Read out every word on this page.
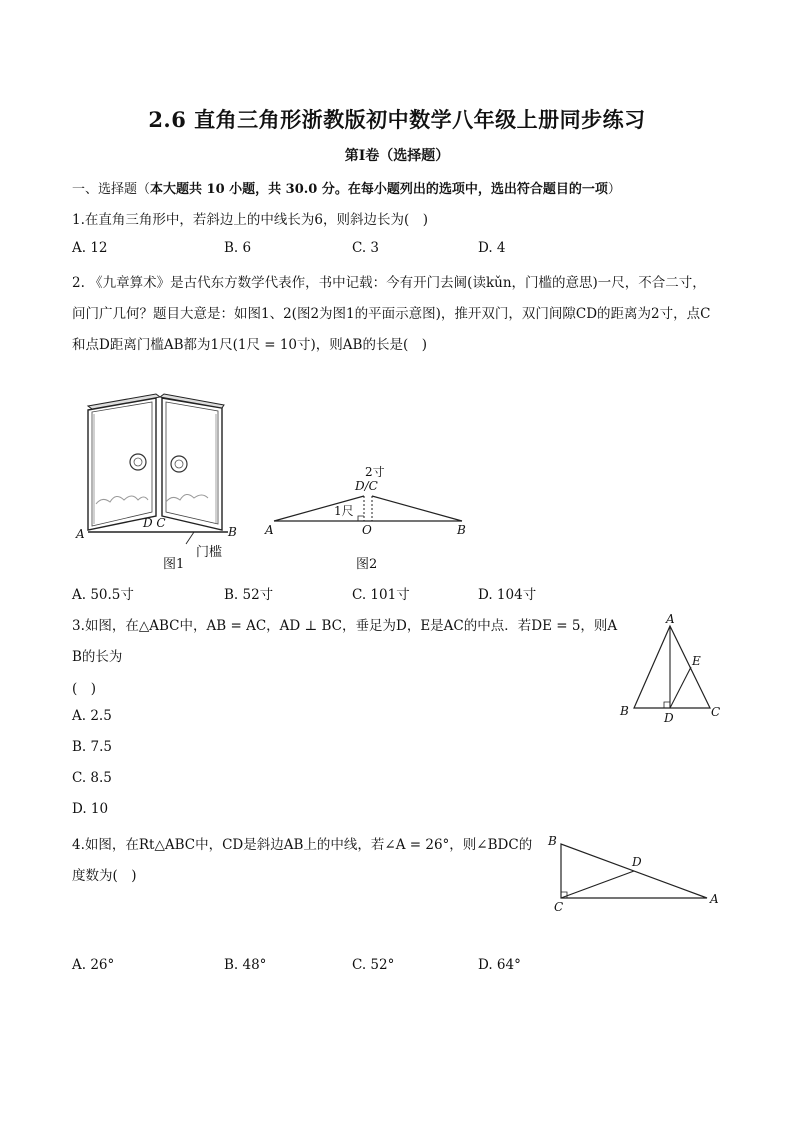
2.6 直角三角形浙教版初中数学八年级上册同步练习
第I卷（选择题）
一、选择题（本大题共 10 小题，共 30.0 分。在每小题列出的选项中，选出符合题目的一项）
1.在直角三角形中，若斜边上的中线长为6，则斜边长为(　)
A. 12	B. 6	C. 3	D. 4
2. 《九章算术》是古代东方数学代表作，书中记载：今有开门去阃(读kǔn，门槛的意思)一尺，不合二寸，
问门广几何？题目大意是：如图1、2(图2为图1的平面示意图)，推开双门，双门间隙CD的距离为2寸，点C
和点D距离门槛AB都为1尺(1尺 = 10寸)，则AB的长是(　)
A	B
D C
门槛
图1
2寸
D/C
1尺
A	O	B
图2
A. 50.5寸	B. 52寸	C. 101寸	D. 104寸
3.如图，在△ABC中，AB = AC，AD ⊥ BC，垂足为D，E是AC的中点．若DE = 5，则A
B的长为
(　)
A. 2.5
B. 7.5
C. 8.5
D. 10
A
E
B	D	C
4.如图，在Rt△ABC中，CD是斜边AB上的中线，若∠A = 26°，则∠BDC的
度数为(　)
B
D
C
A
A. 26°	B. 48°	C. 52°	D. 64°
